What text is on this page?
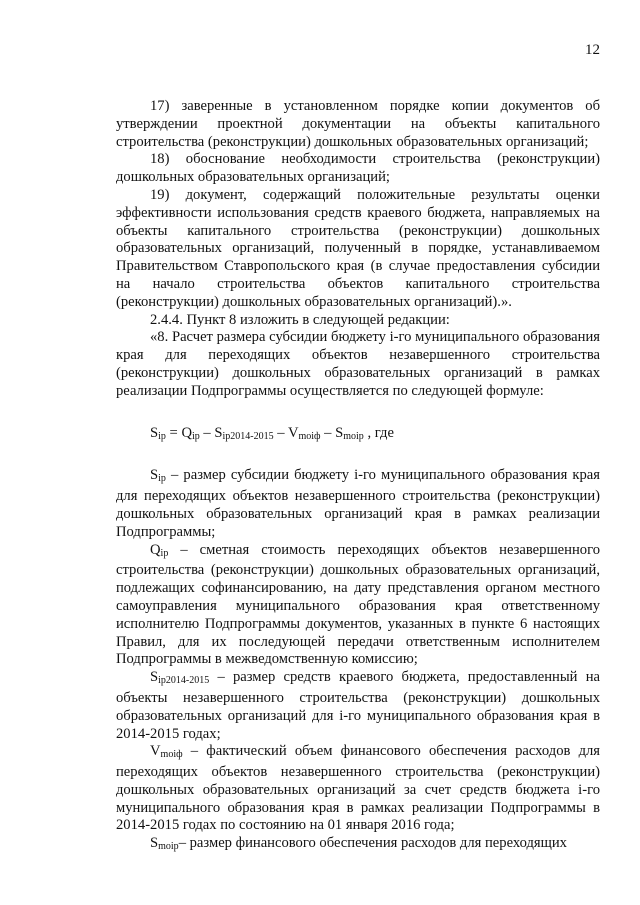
12

17) заверенные в установленном порядке копии документов об утверждении проектной документации на объекты капитального строительства (реконструкции) дошкольных образовательных организаций;

18) обоснование необходимости строительства (реконструкции) дошкольных образовательных организаций;

19) документ, содержащий положительные результаты оценки эффективности использования средств краевого бюджета, направляемых на объекты капитального строительства (реконструкции) дошкольных образовательных организаций, полученный в порядке, устанавливаемом Правительством Ставропольского края (в случае предоставления субсидии на начало строительства объектов капитального строительства (реконструкции) дошкольных образовательных организаций).».

2.4.4. Пункт 8 изложить в следующей редакции:

«8. Расчет размера субсидии бюджету i-го муниципального образования края для переходящих объектов незавершенного строительства (реконструкции) дошкольных образовательных организаций в рамках реализации Подпрограммы осуществляется по следующей формуле:

$S_{ip} = Q_{ip} - S_{ip2014-2015} - V_{moiф} - S_{moip}$ , где

$S_{ip}$ – размер субсидии бюджету i-го муниципального образования края для переходящих объектов незавершенного строительства (реконструкции) дошкольных образовательных организаций края в рамках реализации Подпрограммы;

$Q_{ip}$ – сметная стоимость переходящих объектов незавершенного строительства (реконструкции) дошкольных образовательных организаций, подлежащих софинансированию, на дату представления органом местного самоуправления муниципального образования края ответственному исполнителю Подпрограммы документов, указанных в пункте 6 настоящих Правил, для их последующей передачи ответственным исполнителем Подпрограммы в межведомственную комиссию;

$S_{ip2014-2015}$ – размер средств краевого бюджета, предоставленный на объекты незавершенного строительства (реконструкции) дошкольных образовательных организаций для i-го муниципального образования края в 2014-2015 годах;

$V_{moiф}$ – фактический объем финансового обеспечения расходов для переходящих объектов незавершенного строительства (реконструкции) дошкольных образовательных организаций за счет средств бюджета i-го муниципального образования края в рамках реализации Подпрограммы в 2014-2015 годах по состоянию на 01 января 2016 года;

$S_{moip}-$ размер финансового обеспечения расходов для переходящих
